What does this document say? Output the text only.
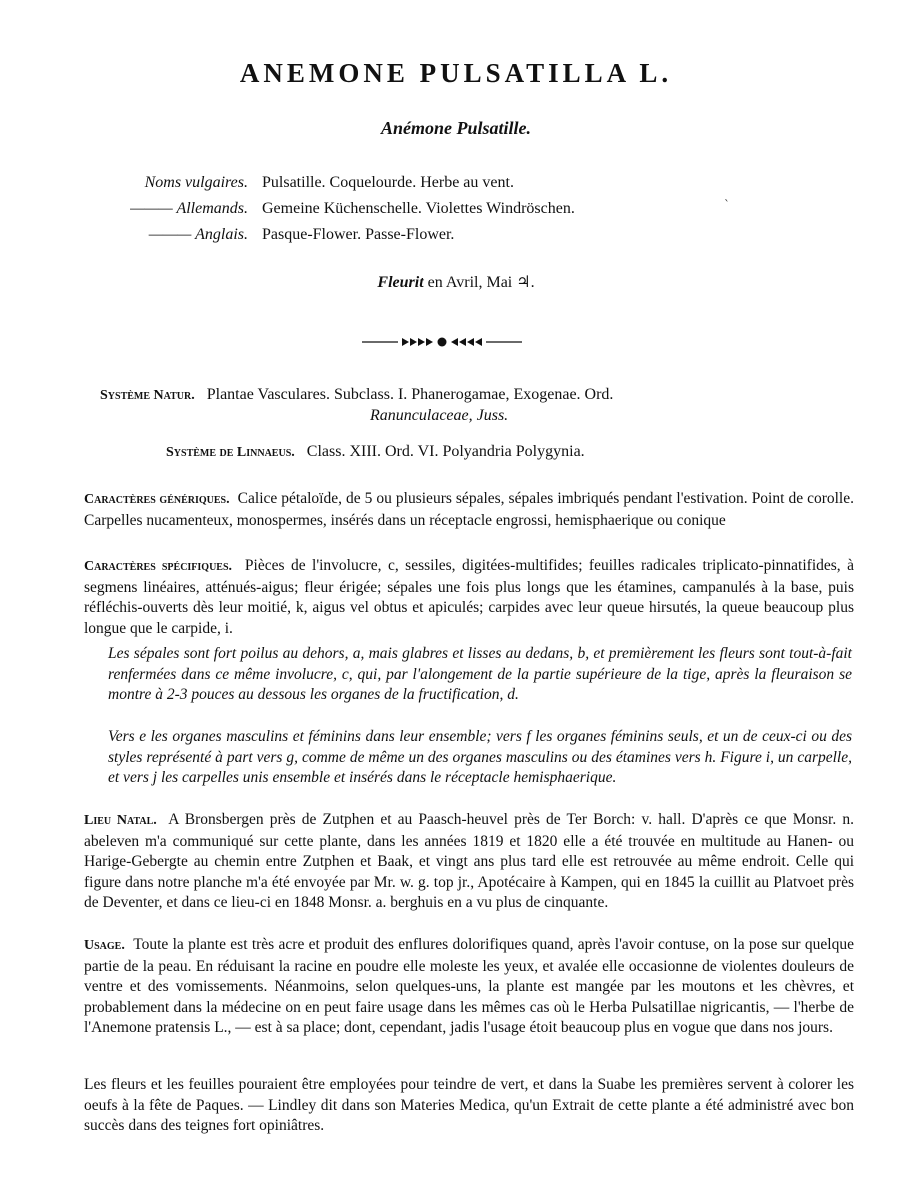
ANEMONE PULSATILLA L.
Anémone Pulsatille.
Noms vulgaires. Pulsatille. Coquelourde. Herbe au vent.
——— Allemands. Gemeine Küchenschelle. Violettes Windröschen.
——— Anglais. Pasque-Flower. Passe-Flower.
ˋ
Fleurit en Avril, Mai ♃.
Système Natur. Plantae Vasculares. Subclass. I. Phanerogamae, Exogenae. Ord.
Ranunculaceae, Juss.
Système de Linnaeus. Class. XIII. Ord. VI. Polyandria Polygynia.

Caractères génériques. Calice pétaloïde, de 5 ou plusieurs sépales, sépales imbriqués pendant l'estivation. Point de corolle. Carpelles nucamenteux, monospermes, insérés dans un réceptacle engrossi, hemisphaerique ou conique

Caractères spécifiques. Pièces de l'involucre, c, sessiles, digitées-multifides; feuilles radicales triplicato-pinnatifides, à segmens linéaires, atténués-aigus; fleur érigée; sépales une fois plus longs que les étamines, campanulés à la base, puis réfléchis-ouverts dès leur moitié, k, aigus vel obtus et apiculés; carpides avec leur queue hirsutés, la queue beaucoup plus longue que le carpide, i.

Les sépales sont fort poilus au dehors, a, mais glabres et lisses au dedans, b, et premièrement les fleurs sont tout-à-fait renfermées dans ce même involucre, c, qui, par l'alongement de la partie supérieure de la tige, après la fleuraison se montre à 2-3 pouces au dessous les organes de la fructification, d.

Vers e les organes masculins et féminins dans leur ensemble; vers f les organes féminins seuls, et un de ceux-ci ou des styles représenté à part vers g, comme de même un des organes masculins ou des étamines vers h. Figure i, un carpelle, et vers j les carpelles unis ensemble et insérés dans le réceptacle hemisphaerique.

Lieu Natal. A Bronsbergen près de Zutphen et au Paasch-heuvel près de Ter Borch: v. hall. D'après ce que Monsr. n. abeleven m'a communiqué sur cette plante, dans les années 1819 et 1820 elle a été trouvée en multitude au Hanen- ou Harige-Gebergte au chemin entre Zutphen et Baak, et vingt ans plus tard elle est retrouvée au même endroit. Celle qui figure dans notre planche m'a été envoyée par Mr. w. g. top jr., Apotécaire à Kampen, qui en 1845 la cuillit au Platvoet près de Deventer, et dans ce lieu-ci en 1848 Monsr. a. berghuis en a vu plus de cinquante.

Usage. Toute la plante est très acre et produit des enflures dolorifiques quand, après l'avoir contuse, on la pose sur quelque partie de la peau. En réduisant la racine en poudre elle moleste les yeux, et avalée elle occasionne de violentes douleurs de ventre et des vomissements. Néanmoins, selon quelques-uns, la plante est mangée par les moutons et les chèvres, et probablement dans la médecine on en peut faire usage dans les mêmes cas où le Herba Pulsatillae nigricantis, — l'herbe de l'Anemone pratensis L., — est à sa place; dont, cependant, jadis l'usage étoit beaucoup plus en vogue que dans nos jours.

Les fleurs et les feuilles pouraient être employées pour teindre de vert, et dans la Suabe les premières servent à colorer les oeufs à la fête de Paques. — Lindley dit dans son Materies Medica, qu'un Extrait de cette plante a été administré avec bon succès dans des teignes fort opiniâtres.
